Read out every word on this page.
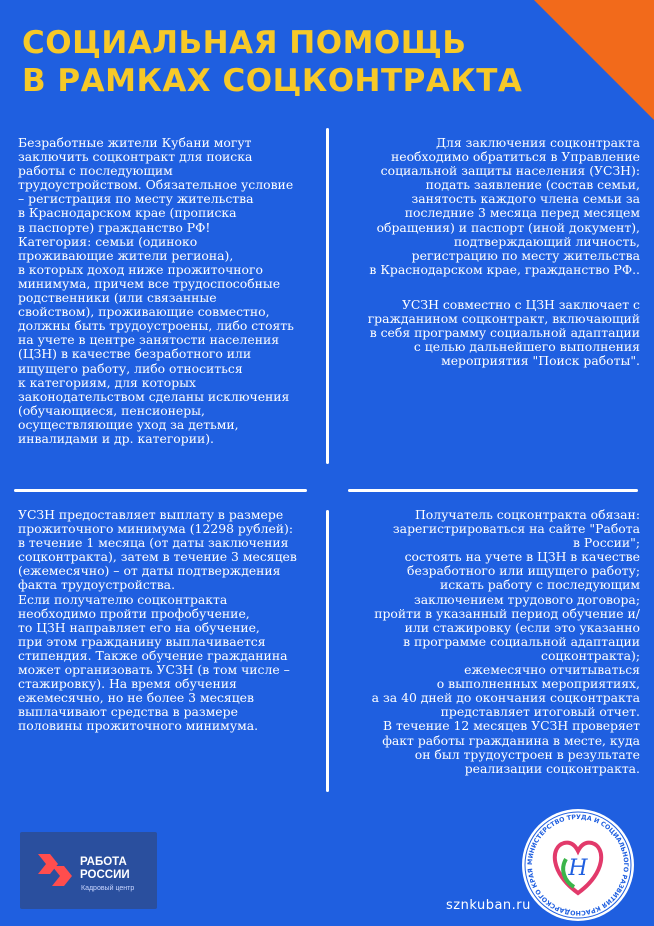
СОЦИАЛЬНАЯ ПОМОЩЬ
В РАМКАХ СОЦКОНТРАКТА

Безработные жители Кубани могут
заключить соцконтракт для поиска
работы с последующим
трудоустройством. Обязательное условие
– регистрация по месту жительства
в Краснодарском крае (прописка
в паспорте) гражданство РФ!
Категория: семьи (одиноко
проживающие жители региона),
в которых доход ниже прожиточного
минимума, причем все трудоспособные
родственники (или связанные
свойством), проживающие совместно,
должны быть трудоустроены, либо стоять
на учете в центре занятости населения
(ЦЗН) в качестве безработного или
ищущего работу, либо относиться
к категориям, для которых
законодательством сделаны исключения
(обучающиеся, пенсионеры,
осуществляющие уход за детьми,
инвалидами и др. категории).

Для заключения соцконтракта
необходимо обратиться в Управление
социальной защиты населения (УСЗН):
подать заявление (состав семьи,
занятость каждого члена семьи за
последние 3 месяца перед месяцем
обращения) и паспорт (иной документ),
подтверждающий личность,
регистрацию по месту жительства
в Краснодарском крае, гражданство РФ..

УСЗН совместно с ЦЗН заключает с
гражданином соцконтракт, включающий
в себя программу социальной адаптации
с целью дальнейшего выполнения
мероприятия "Поиск работы".

УСЗН предоставляет выплату в размере
прожиточного минимума (12298 рублей):
в течение 1 месяца (от даты заключения
соцконтракта), затем в течение 3 месяцев
(ежемесячно) – от даты подтверждения
факта трудоустройства.
Если получателю соцконтракта
необходимо пройти профобучение,
то ЦЗН направляет его на обучение,
при этом гражданину выплачивается
стипендия. Также обучение гражданина
может организовать УСЗН (в том числе –
стажировку). На время обучения
ежемесячно, но не более 3 месяцев
выплачивают средства в размере
половины прожиточного минимума.

Получатель соцконтракта обязан:
зарегистрироваться на сайте "Работа
в России";
состоять на учете в ЦЗН в качестве
безработного или ищущего работу;
искать работу с последующим
заключением трудового договора;
пройти в указанный период обучение и/
или стажировку (если это указанно
в программе социальной адаптации
соцконтракта);
ежемесячно отчитываться
о выполненных мероприятиях,
а за 40 дней до окончания соцконтракта
представляет итоговый отчет.
В течение 12 месяцев УСЗН проверяет
факт работы гражданина в месте, куда
он был трудоустроен в результате
реализации соцконтракта.

РАБОТА
РОССИИ
Кадровый центр
МИНИСТЕРСТВО ТРУДА И СОЦИАЛЬНОГО РАЗВИТИЯ КРАСНОДАРСКОГО КРАЯ	Н
sznkuban.ru
